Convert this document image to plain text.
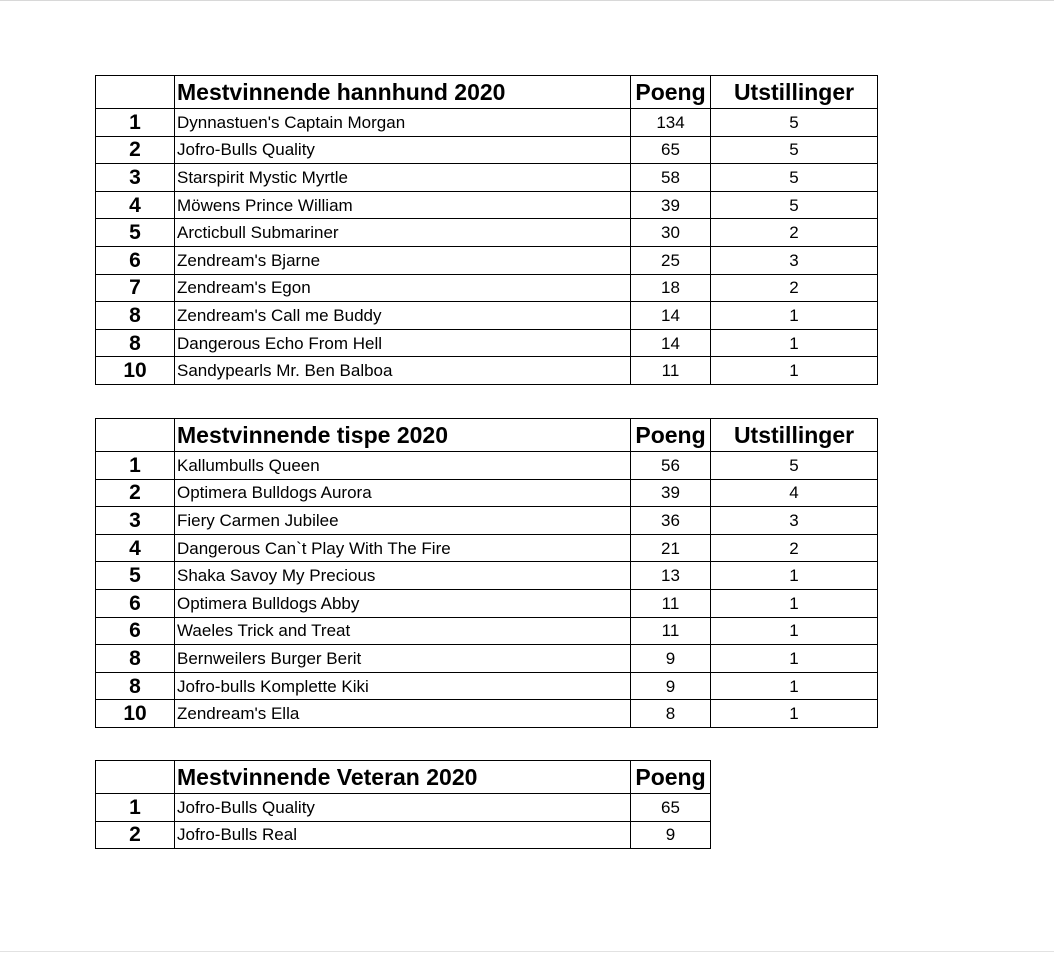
	Mestvinnende hannhund 2020	Poeng	Utstillinger
1	Dynnastuen's Captain Morgan	134	5
2	Jofro-Bulls Quality	65	5
3	Starspirit Mystic Myrtle	58	5
4	Möwens Prince William	39	5
5	Arcticbull Submariner	30	2
6	Zendream's Bjarne	25	3
7	Zendream's Egon	18	2
8	Zendream's Call me Buddy	14	1
8	Dangerous Echo From Hell	14	1
10	Sandypearls Mr. Ben Balboa	11	1
	Mestvinnende tispe 2020	Poeng	Utstillinger
1	Kallumbulls Queen	56	5
2	Optimera Bulldogs Aurora	39	4
3	Fiery Carmen Jubilee	36	3
4	Dangerous Can`t Play With The Fire	21	2
5	Shaka Savoy My Precious	13	1
6	Optimera Bulldogs Abby	11	1
6	Waeles Trick and Treat	11	1
8	Bernweilers Burger Berit	9	1
8	Jofro-bulls Komplette Kiki	9	1
10	Zendream's Ella	8	1
	Mestvinnende Veteran 2020	Poeng
1	Jofro-Bulls Quality	65
2	Jofro-Bulls Real	9
